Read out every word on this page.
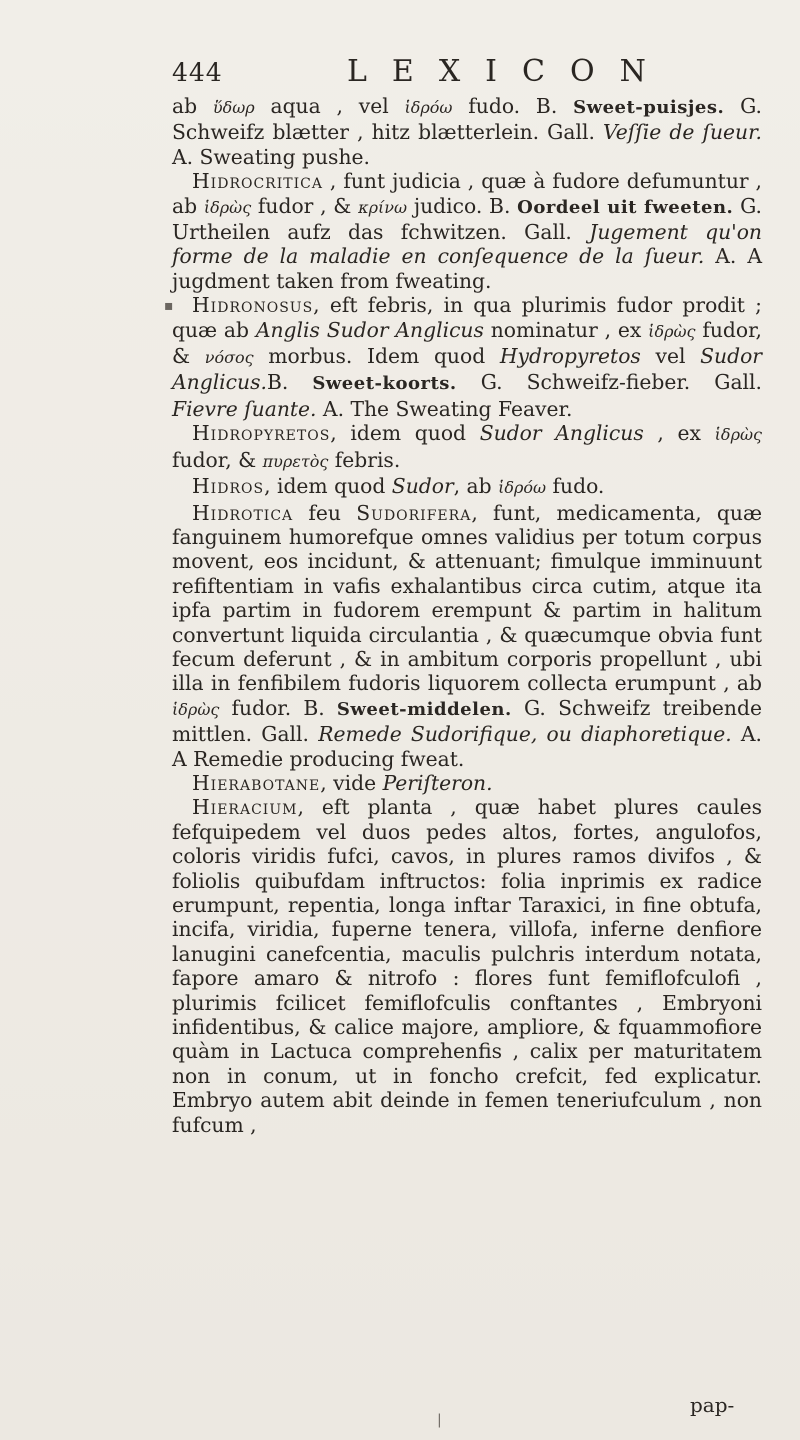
444	LEXICON

ab ὕδωρ aqua , vel ἱδρόω fudo. B. Sweet-puisjes. G. Schweifz blætter , hitz blætterlein. Gall. Veſſie de ſueur. A. Sweating pushe.

Hidrocritica , funt judicia , quæ à fudore defumuntur , ab ἱδρὼς fudor , & κρίνω judico. B. Oordeel uit fweeten. G. Urtheilen aufz das fchwitzen. Gall. Jugement qu'on forme de la maladie en conſequence de la ſueur. A. A jugdment taken from fweating.

Hidronosus, eft febris, in qua plurimis fudor prodit ; quæ ab Anglis Sudor Anglicus nominatur , ex ἱδρὼς fudor, & νόσος morbus. Idem quod Hydropyretos vel Sudor Anglicus.B. Sweet-koorts. G. Schweifz-fieber. Gall. Fievre ſuante. A. The Sweating Feaver.

Hidropyretos, idem quod Sudor Anglicus , ex ἱδρὼς fudor, & πυρετὸς febris.

Hidros, idem quod Sudor, ab ἱδρόω fudo.

Hidrotica feu Sudorifera, funt, medicamenta, quæ fanguinem humorefque omnes validius per totum corpus movent, eos incidunt, & attenuant; fimulque imminuunt refiftentiam in vafis exhalantibus circa cutim, atque ita ipfa partim in fudorem erempunt & partim in halitum convertunt liquida circulantia , & quæcumque obvia funt fecum deferunt , & in ambitum corporis propellunt , ubi illa in fenfibilem fudoris liquorem collecta erumpunt , ab ἱδρὼς fudor. B. Sweet-middelen. G. Schweifz treibende mittlen. Gall. Remede Sudorifique, ou diaphoretique. A. A Remedie producing fweat.

Hierabotane, vide Periſteron.

Hieracium, eft planta , quæ habet plures caules fefquipedem vel duos pedes altos, fortes, angulofos, coloris viridis fufci, cavos, in plures ramos divifos , & foliolis quibufdam inftructos: folia inprimis ex radice erumpunt, repentia, longa inftar Taraxici, in fine obtufa, incifa, viridia, fuperne tenera, villofa, inferne denfiore lanugini canefcentia, maculis pulchris interdum notata, fapore amaro & nitrofo : flores funt femiflofculofi , plurimis fcilicet femiflofculis conftantes , Embryoni infidentibus, & calice majore, ampliore, & fquammofiore quàm in Lactuca comprehenfis , calix per maturitatem non in conum, ut in foncho crefcit, fed explicatur. Embryo autem abit deinde in femen teneriufculum , non fufcum ,

pap-
▪
|
